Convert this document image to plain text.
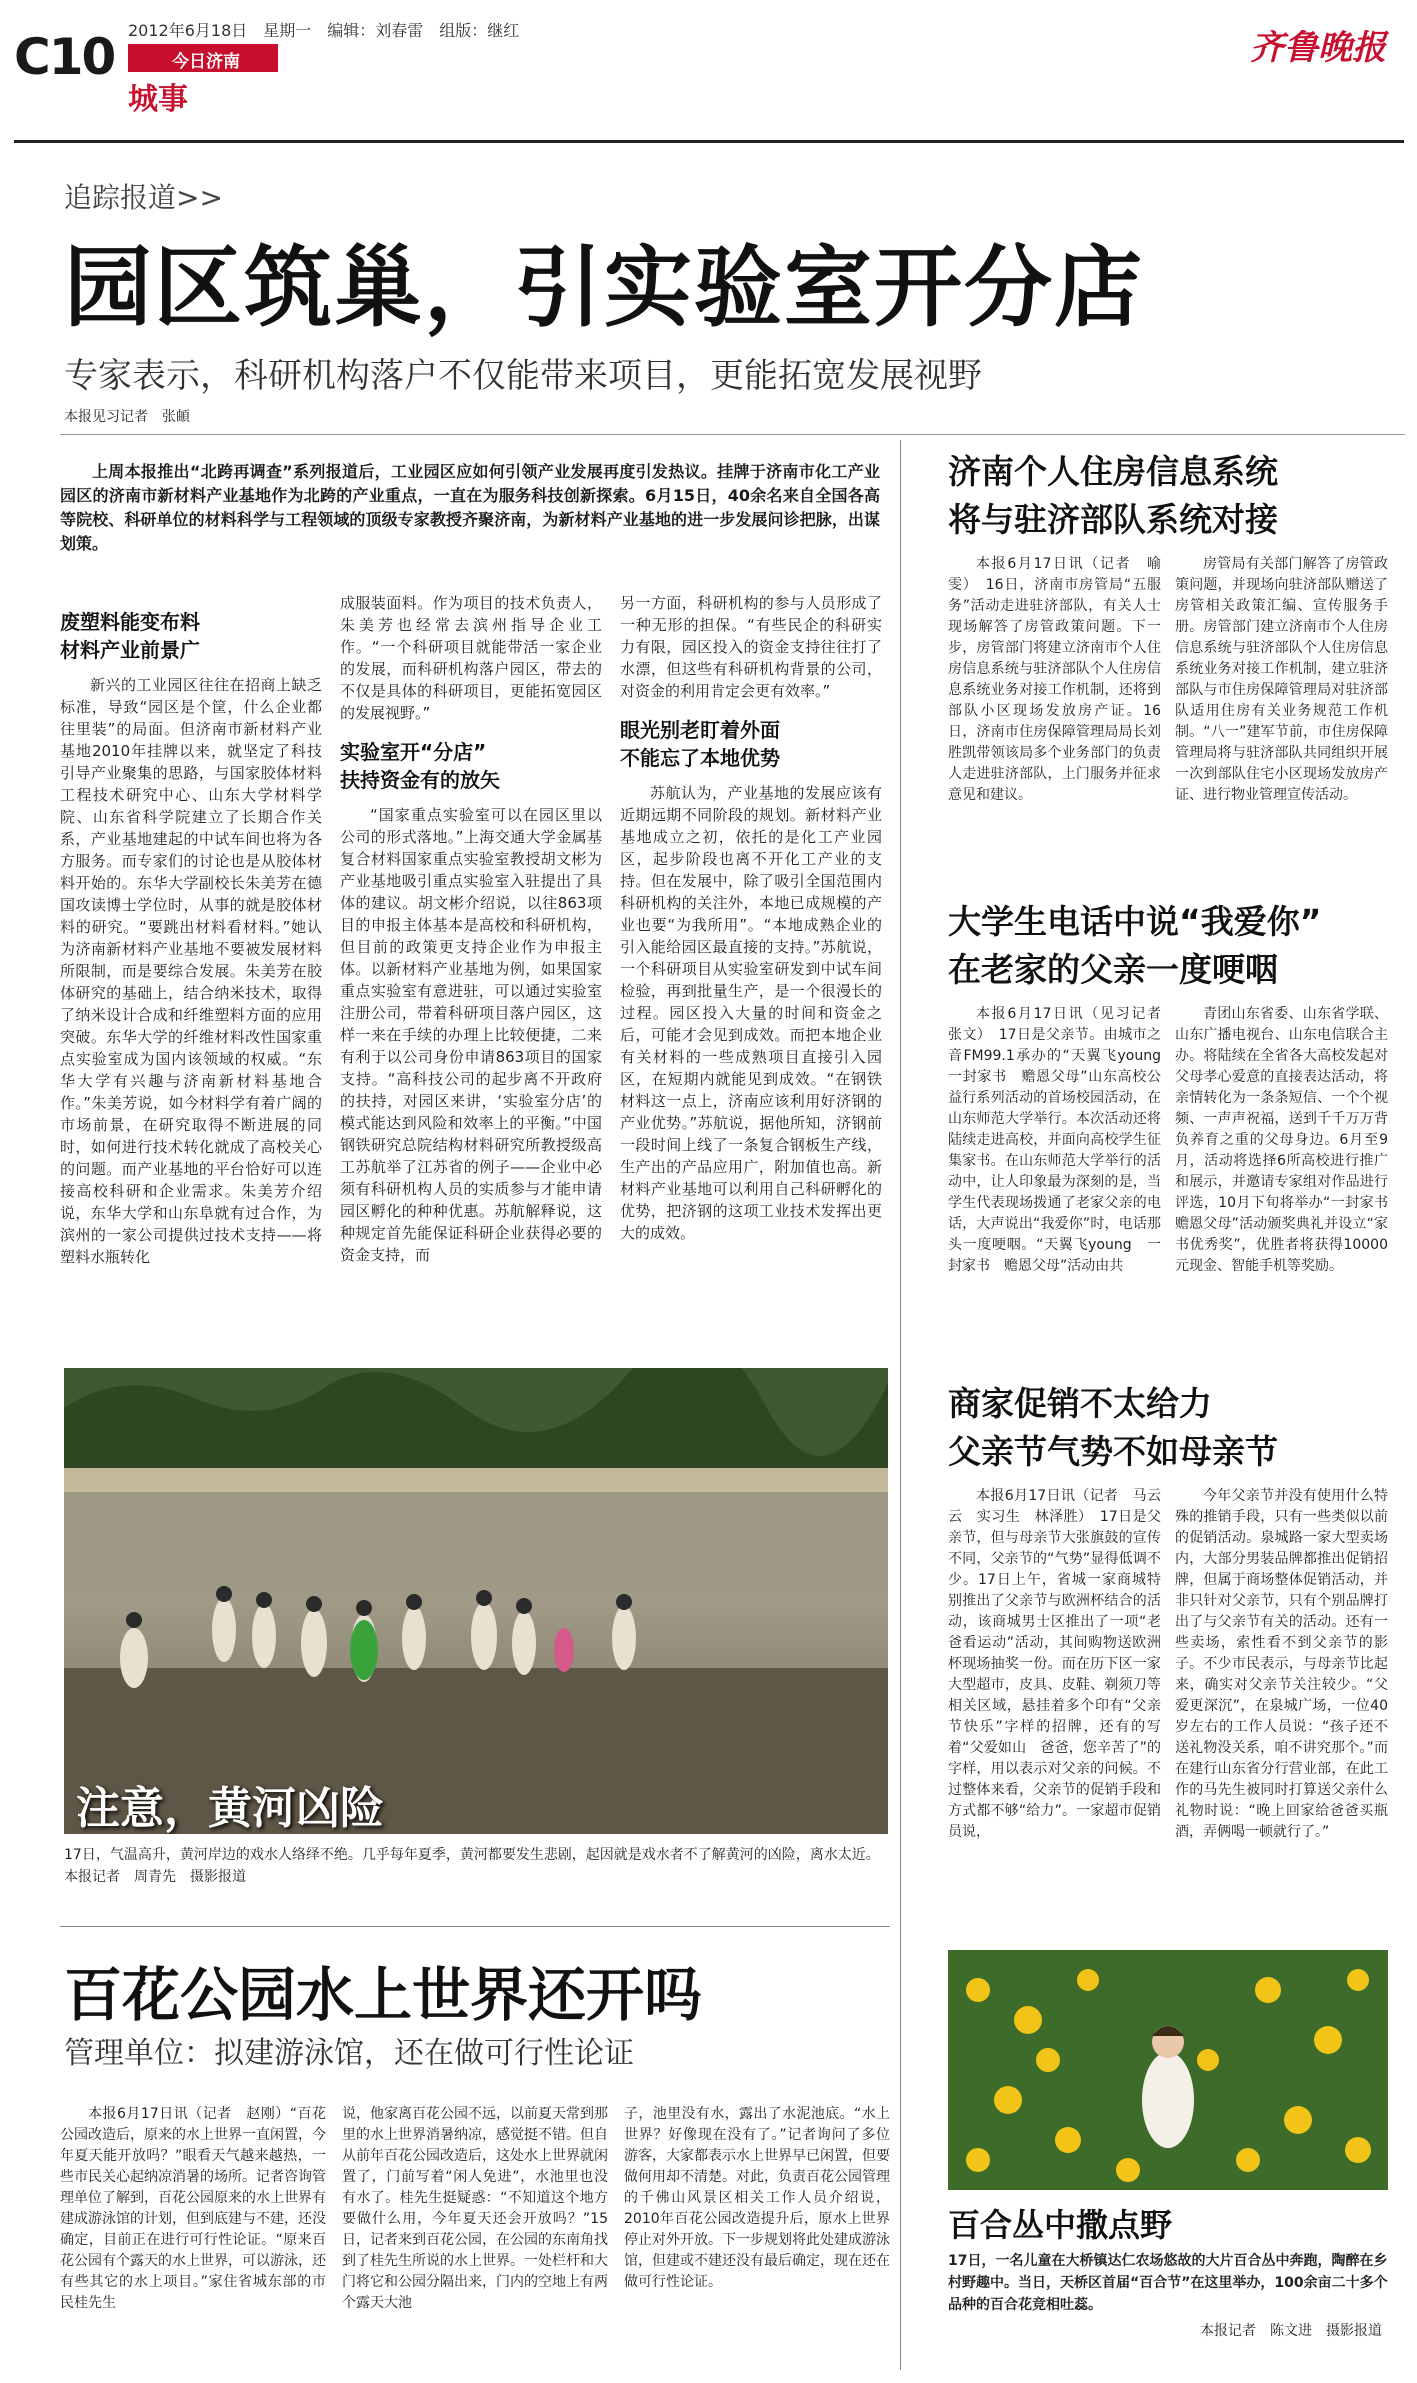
C10 2012年6月18日　星期一　编辑：刘春雷　组版：继红
今日济南
城事
齐鲁晚报
追踪报道>>
园区筑巢，引实验室开分店
专家表示，科研机构落户不仅能带来项目，更能拓宽发展视野
本报见习记者　张頔
上周本报推出“北跨再调查”系列报道后，工业园区应如何引领产业发展再度引发热议。挂牌于济南市化工产业园区的济南市新材料产业基地作为北跨的产业重点，一直在为服务科技创新探索。6月15日，40余名来自全国各高等院校、科研单位的材料科学与工程领域的顶级专家教授齐聚济南，为新材料产业基地的进一步发展问诊把脉，出谋划策。
废塑料能变布料
材料产业前景广
新兴的工业园区往往在招商上缺乏标准，导致“园区是个筐，什么企业都往里装”的局面。但济南市新材料产业基地2010年挂牌以来，就坚定了科技引导产业聚集的思路，与国家胶体材料工程技术研究中心、山东大学材料学院、山东省科学院建立了长期合作关系，产业基地建起的中试车间也将为各方服务。而专家们的讨论也是从胶体材料开始的。东华大学副校长朱美芳在德国攻读博士学位时，从事的就是胶体材料的研究。“要跳出材料看材料。”她认为济南新材料产业基地不要被发展材料所限制，而是要综合发展。朱美芳在胶体研究的基础上，结合纳米技术，取得了纳米设计合成和纤维塑料方面的应用突破。东华大学的纤维材料改性国家重点实验室成为国内该领域的权威。“东华大学有兴趣与济南新材料基地合作。”朱美芳说，如今材料学有着广阔的市场前景，在研究取得不断进展的同时，如何进行技术转化就成了高校关心的问题。而产业基地的平台恰好可以连接高校科研和企业需求。朱美芳介绍说，东华大学和山东阜就有过合作，为滨州的一家公司提供过技术支持——将塑料水瓶转化
成服装面料。作为项目的技术负责人，朱美芳也经常去滨州指导企业工作。“一个科研项目就能带活一家企业的发展，而科研机构落户园区，带去的不仅是具体的科研项目，更能拓宽园区的发展视野。”
实验室开“分店”
扶持资金有的放矢
“国家重点实验室可以在园区里以公司的形式落地。”上海交通大学金属基复合材料国家重点实验室教授胡文彬为产业基地吸引重点实验室入驻提出了具体的建议。胡文彬介绍说，以往863项目的申报主体基本是高校和科研机构，但目前的政策更支持企业作为申报主体。以新材料产业基地为例，如果国家重点实验室有意进驻，可以通过实验室注册公司，带着科研项目落户园区，这样一来在手续的办理上比较便捷，二来有利于以公司身份申请863项目的国家支持。“高科技公司的起步离不开政府的扶持，对园区来讲，‘实验室分店’的模式能达到风险和效率上的平衡。”中国钢铁研究总院结构材料研究所教授级高工苏航举了江苏省的例子——企业中必须有科研机构人员的实质参与才能申请园区孵化的种种优惠。苏航解释说，这种规定首先能保证科研企业获得必要的资金支持，而
另一方面，科研机构的参与人员形成了一种无形的担保。“有些民企的科研实力有限，园区投入的资金支持往往打了水漂，但这些有科研机构背景的公司，对资金的利用肯定会更有效率。”
眼光别老盯着外面
不能忘了本地优势
苏航认为，产业基地的发展应该有近期远期不同阶段的规划。新材料产业基地成立之初，依托的是化工产业园区，起步阶段也离不开化工产业的支持。但在发展中，除了吸引全国范围内科研机构的关注外，本地已成规模的产业也要“为我所用”。“本地成熟企业的引入能给园区最直接的支持。”苏航说，一个科研项目从实验室研发到中试车间检验，再到批量生产，是一个很漫长的过程。园区投入大量的时间和资金之后，可能才会见到成效。而把本地企业有关材料的一些成熟项目直接引入园区，在短期内就能见到成效。“在钢铁材料这一点上，济南应该利用好济钢的产业优势。”苏航说，据他所知，济钢前一段时间上线了一条复合钢板生产线，生产出的产品应用广，附加值也高。新材料产业基地可以利用自己科研孵化的优势，把济钢的这项工业技术发挥出更大的成效。
济南个人住房信息系统
将与驻济部队系统对接
本报6月17日讯（记者　喻雯）　16日，济南市房管局“五服务”活动走进驻济部队，有关人士现场解答了房管政策问题。下一步，房管部门将建立济南市个人住房信息系统与驻济部队个人住房信息系统业务对接工作机制，还将到部队小区现场发放房产证。16日，济南市住房保障管理局局长刘胜凯带领该局多个业务部门的负责人走进驻济部队，上门服务并征求意见和建议。
房管局有关部门解答了房管政策问题，并现场向驻济部队赠送了房管相关政策汇编、宣传服务手册。房管部门建立济南市个人住房信息系统与驻济部队个人住房信息系统业务对接工作机制，建立驻济部队与市住房保障管理局对驻济部队适用住房有关业务规范工作机制。“八一”建军节前，市住房保障管理局将与驻济部队共同组织开展一次到部队住宅小区现场发放房产证、进行物业管理宣传活动。
大学生电话中说“我爱你”
在老家的父亲一度哽咽
本报6月17日讯（见习记者　张文）　17日是父亲节。由城市之音FM99.1承办的“天翼飞young　一封家书　赡恩父母”山东高校公益行系列活动的首场校园活动，在山东师范大学举行。本次活动还将陆续走进高校，并面向高校学生征集家书。在山东师范大学举行的活动中，让人印象最为深刻的是，当学生代表现场拨通了老家父亲的电话，大声说出“我爱你”时，电话那头一度哽咽。“天翼飞young　一封家书　赡恩父母”活动由共
青团山东省委、山东省学联、山东广播电视台、山东电信联合主办。将陆续在全省各大高校发起对父母孝心爱意的直接表达活动，将亲情转化为一条条短信、一个个视频、一声声祝福，送到千千万万背负养育之重的父母身边。6月至9月，活动将选择6所高校进行推广和展示，并邀请专家组对作品进行评选，10月下旬将举办“一封家书　赡恩父母”活动颁奖典礼并设立“家书优秀奖”，优胜者将获得10000元现金、智能手机等奖励。
商家促销不太给力
父亲节气势不如母亲节
本报6月17日讯（记者　马云云　实习生　林泽胜）　17日是父亲节，但与母亲节大张旗鼓的宣传不同，父亲节的“气势”显得低调不少。17日上午，省城一家商城特别推出了父亲节与欧洲杯结合的活动，该商城男士区推出了一项“老爸看运动”活动，其间购物送欧洲杯现场抽奖一份。而在历下区一家大型超市，皮具、皮鞋、剃须刀等相关区域，悬挂着多个印有“父亲节快乐”字样的招牌，还有的写着“父爱如山　爸爸，您辛苦了”的字样，用以表示对父亲的问候。不过整体来看，父亲节的促销手段和方式都不够“给力”。一家超市促销员说，
今年父亲节并没有使用什么特殊的推销手段，只有一些类似以前的促销活动。泉城路一家大型卖场内，大部分男装品牌都推出促销招牌，但属于商场整体促销活动，并非只针对父亲节，只有个别品牌打出了与父亲节有关的活动。还有一些卖场，索性看不到父亲节的影子。不少市民表示，与母亲节比起来，确实对父亲节关注较少。“父爱更深沉”，在泉城广场，一位40岁左右的工作人员说：“孩子还不送礼物没关系，咱不讲究那个。”而在建行山东省分行营业部，在此工作的马先生被同时打算送父亲什么礼物时说：“晚上回家给爸爸买瓶酒，弄俩喝一顿就行了。”
注意，黄河凶险
17日，气温高升，黄河岸边的戏水人络绎不绝。几乎每年夏季，黄河都要发生悲剧，起因就是戏水者不了解黄河的凶险，离水太近。　本报记者　周青先　摄影报道
百花公园水上世界还开吗
管理单位：拟建游泳馆，还在做可行性论证
本报6月17日讯（记者　赵刚）“百花公园改造后，原来的水上世界一直闲置，今年夏天能开放吗？”眼看天气越来越热，一些市民关心起纳凉消暑的场所。记者咨询管理单位了解到，百花公园原来的水上世界有建成游泳馆的计划，但到底建与不建，还没确定，目前正在进行可行性论证。“原来百花公园有个露天的水上世界，可以游泳，还有些其它的水上项目。”家住省城东部的市民桂先生
说，他家离百花公园不远，以前夏天常到那里的水上世界消暑纳凉，感觉挺不错。但自从前年百花公园改造后，这处水上世界就闲置了，门前写着“闲人免进”，水池里也没有水了。桂先生挺疑惑：“不知道这个地方要做什么用，今年夏天还会开放吗？”15日，记者来到百花公园，在公园的东南角找到了桂先生所说的水上世界。一处栏杆和大门将它和公园分隔出来，门内的空地上有两个露天大池
子，池里没有水，露出了水泥池底。“水上世界？好像现在没有了。”记者询问了多位游客，大家都表示水上世界早已闲置，但要做何用却不清楚。对此，负责百花公园管理的千佛山风景区相关工作人员介绍说，2010年百花公园改造提升后，原水上世界停止对外开放。下一步规划将此处建成游泳馆，但建或不建还没有最后确定，现在还在做可行性论证。
百合丛中撒点野
17日，一名儿童在大桥镇达仁农场悠故的大片百合丛中奔跑，陶醉在乡村野趣中。当日，天桥区首届“百合节”在这里举办，100余亩二十多个品种的百合花竞相吐蕊。
本报记者　陈文进　摄影报道
